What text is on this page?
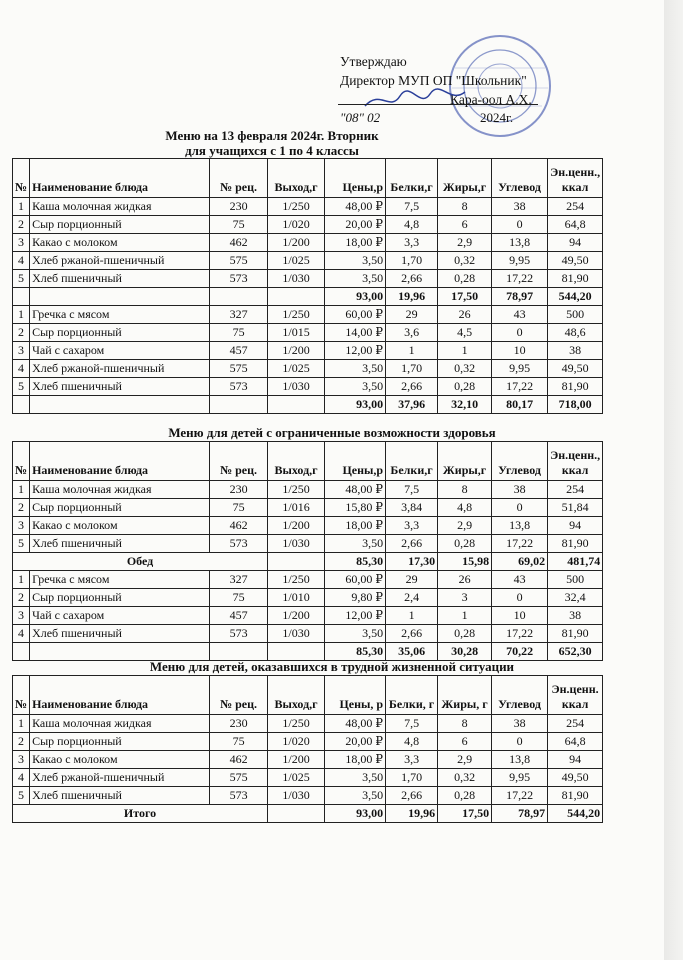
Утверждаю
Директор МУП ОП "Школьник"
Кара-оол А.Х.
"08" 02	2024г.
Меню на 13 февраля 2024г. Вторник
для учащихся с 1 по 4 классы
№	Наименование блюда	№ рец.	Выход,г	Цены,р	Белки,г	Жиры,г	Углевод	Эн.ценн., ккал
1	Каша молочная жидкая	230	1/250	48,00 ₽	7,5	8	38	254
2	Сыр порционный	75	1/020	20,00 ₽	4,8	6	0	64,8
3	Какао с молоком	462	1/200	18,00 ₽	3,3	2,9	13,8	94
4	Хлеб ржаной-пшеничный	575	1/025	3,50	1,70	0,32	9,95	49,50
5	Хлеб пшеничный	573	1/030	3,50	2,66	0,28	17,22	81,90
				93,00	19,96	17,50	78,97	544,20
1	Гречка с мясом	327	1/250	60,00 ₽	29	26	43	500
2	Сыр порционный	75	1/015	14,00 ₽	3,6	4,5	0	48,6
3	Чай с сахаром	457	1/200	12,00 ₽	1	1	10	38
4	Хлеб ржаной-пшеничный	575	1/025	3,50	1,70	0,32	9,95	49,50
5	Хлеб пшеничный	573	1/030	3,50	2,66	0,28	17,22	81,90
				93,00	37,96	32,10	80,17	718,00
Меню для детей с ограниченные возможности здоровья
№	Наименование блюда	№ рец.	Выход,г	Цены,р	Белки,г	Жиры,г	Углевод	Эн.ценн., ккал
1	Каша молочная жидкая	230	1/250	48,00 ₽	7,5	8	38	254
2	Сыр порционный	75	1/016	15,80 ₽	3,84	4,8	0	51,84
3	Какао с молоком	462	1/200	18,00 ₽	3,3	2,9	13,8	94
5	Хлеб пшеничный	573	1/030	3,50	2,66	0,28	17,22	81,90
Обед				85,30	17,30	15,98	69,02	481,74
1	Гречка с мясом	327	1/250	60,00 ₽	29	26	43	500
2	Сыр порционный	75	1/010	9,80 ₽	2,4	3	0	32,4
3	Чай с сахаром	457	1/200	12,00 ₽	1	1	10	38
4	Хлеб пшеничный	573	1/030	3,50	2,66	0,28	17,22	81,90
				85,30	35,06	30,28	70,22	652,30
Меню для детей, оказавшихся в трудной жизненной ситуации
№	Наименование блюда	№ рец.	Выход,г	Цены, р	Белки, г	Жиры, г	Углевод	Эн.ценн. ккал
1	Каша молочная жидкая	230	1/250	48,00 ₽	7,5	8	38	254
2	Сыр порционный	75	1/020	20,00 ₽	4,8	6	0	64,8
3	Какао с молоком	462	1/200	18,00 ₽	3,3	2,9	13,8	94
4	Хлеб ржаной-пшеничный	575	1/025	3,50	1,70	0,32	9,95	49,50
5	Хлеб пшеничный	573	1/030	3,50	2,66	0,28	17,22	81,90
Итого				93,00	19,96	17,50	78,97	544,20
